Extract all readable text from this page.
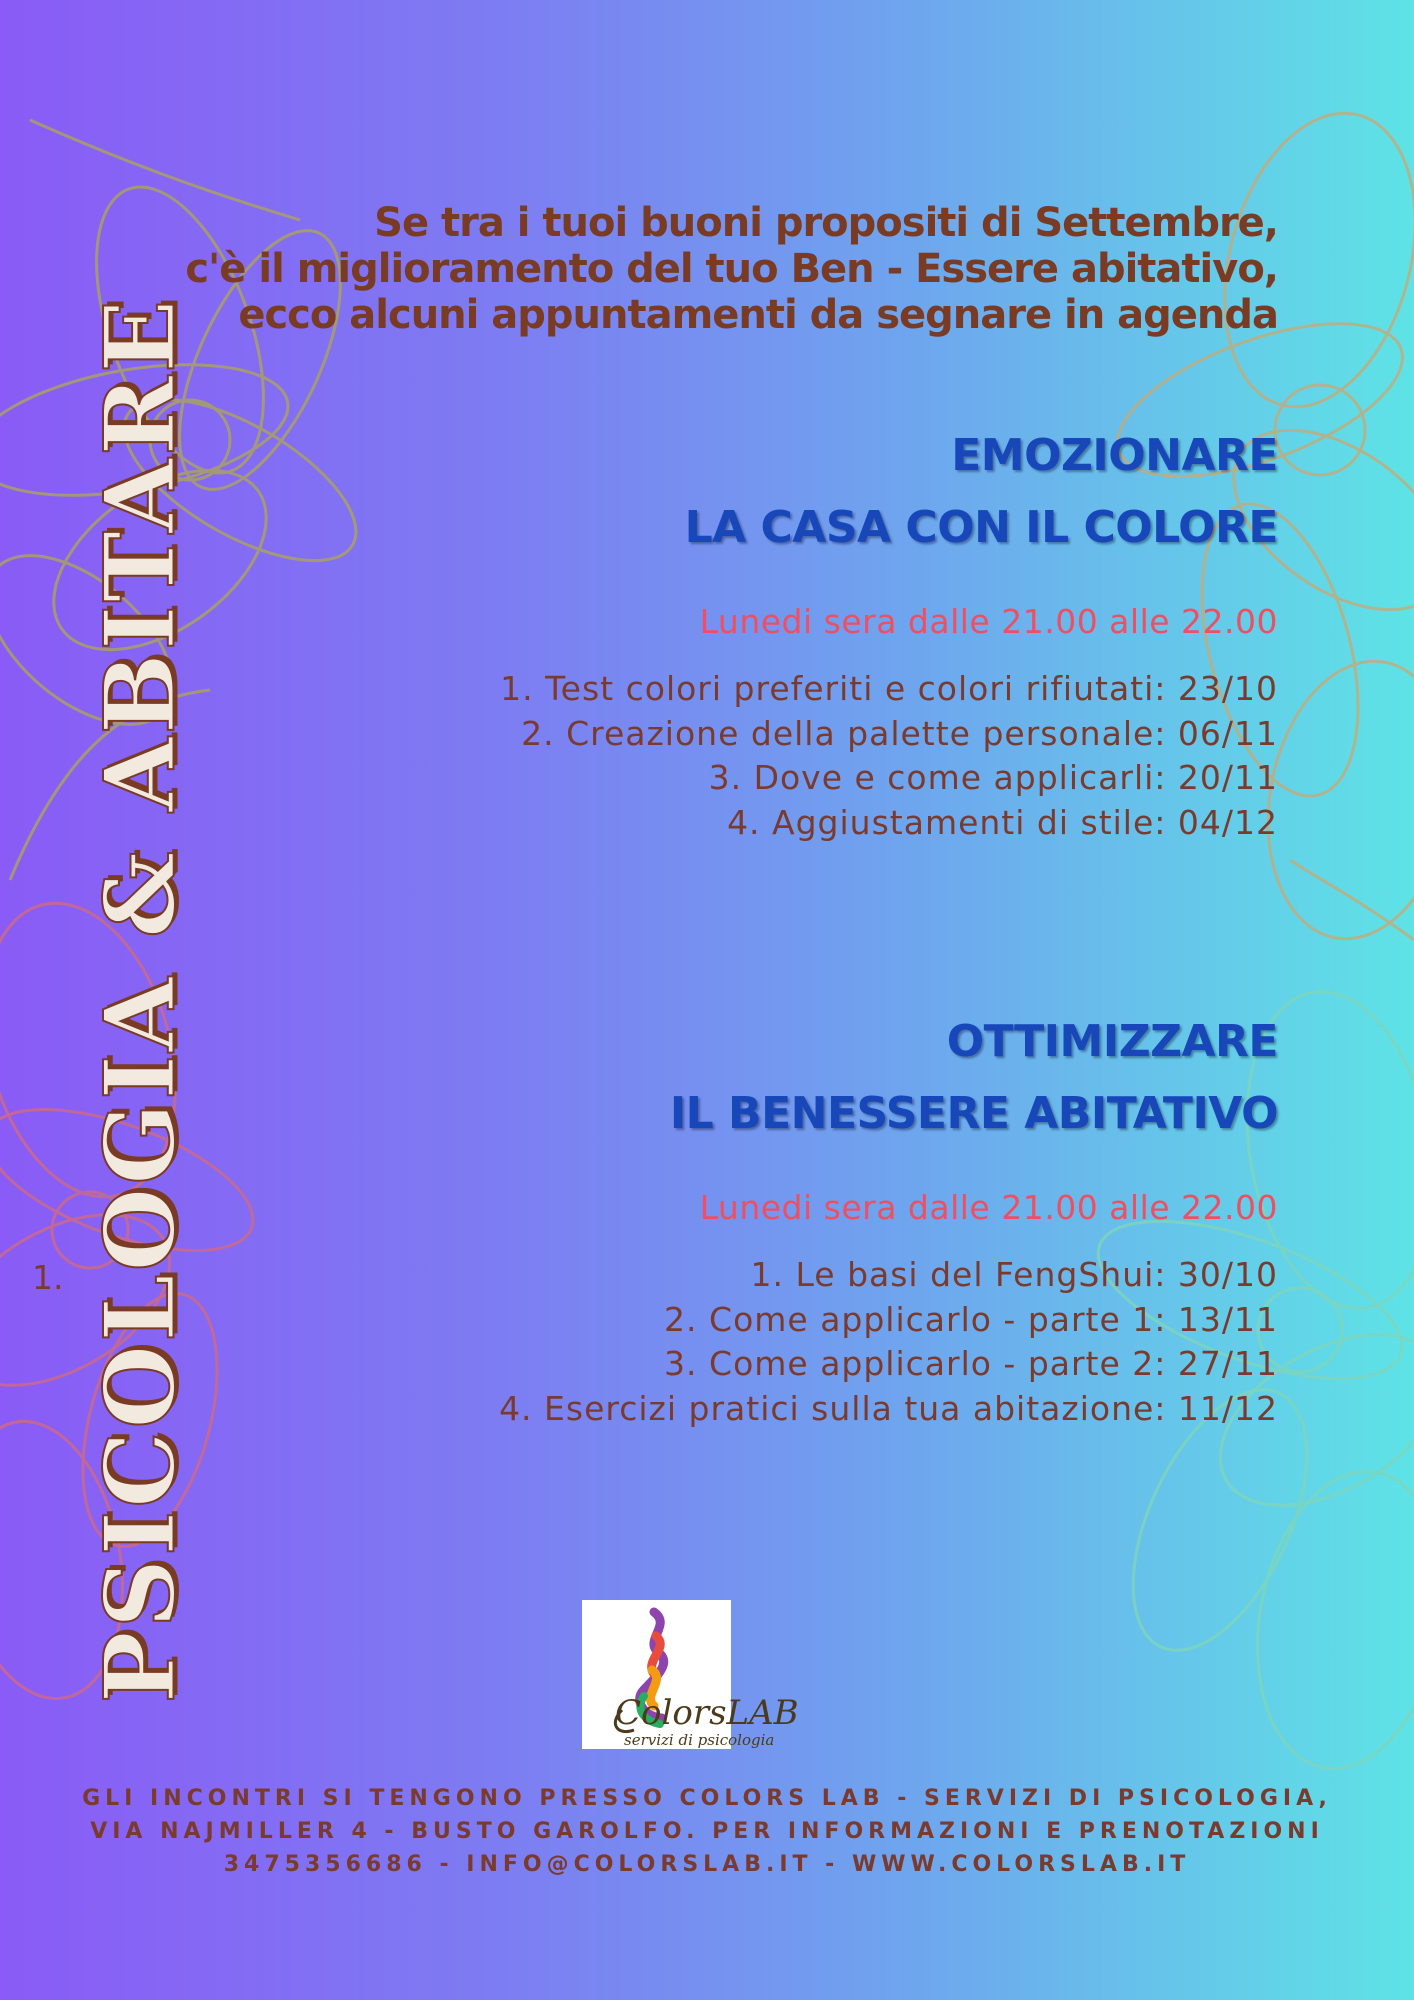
PSICOLOGIA & ABITARE
Se tra i tuoi buoni propositi di Settembre,
c'è il miglioramento del tuo Ben - Essere abitativo,
ecco alcuni appuntamenti da segnare in agenda
EMOZIONARE
LA CASA CON IL COLORE
Lunedi sera dalle 21.00 alle 22.00
1. Test colori preferiti e colori rifiutati: 23/10
2. Creazione della palette personale: 06/11
3. Dove e come applicarli: 20/11
4. Aggiustamenti di stile: 04/12
OTTIMIZZARE
IL BENESSERE ABITATIVO
Lunedi sera dalle 21.00 alle 22.00
1. Le basi del FengShui: 30/10
2. Come applicarlo - parte 1: 13/11
3. Come applicarlo - parte 2: 27/11
4. Esercizi pratici sulla tua abitazione: 11/12
1.
ColorsLAB
servizi di psicologia
GLI INCONTRI SI TENGONO PRESSO COLORS LAB - SERVIZI DI PSICOLOGIA,
VIA NAJMILLER 4 - BUSTO GAROLFO. PER INFORMAZIONI E PRENOTAZIONI
3475356686 - INFO@COLORSLAB.IT - WWW.COLORSLAB.IT
